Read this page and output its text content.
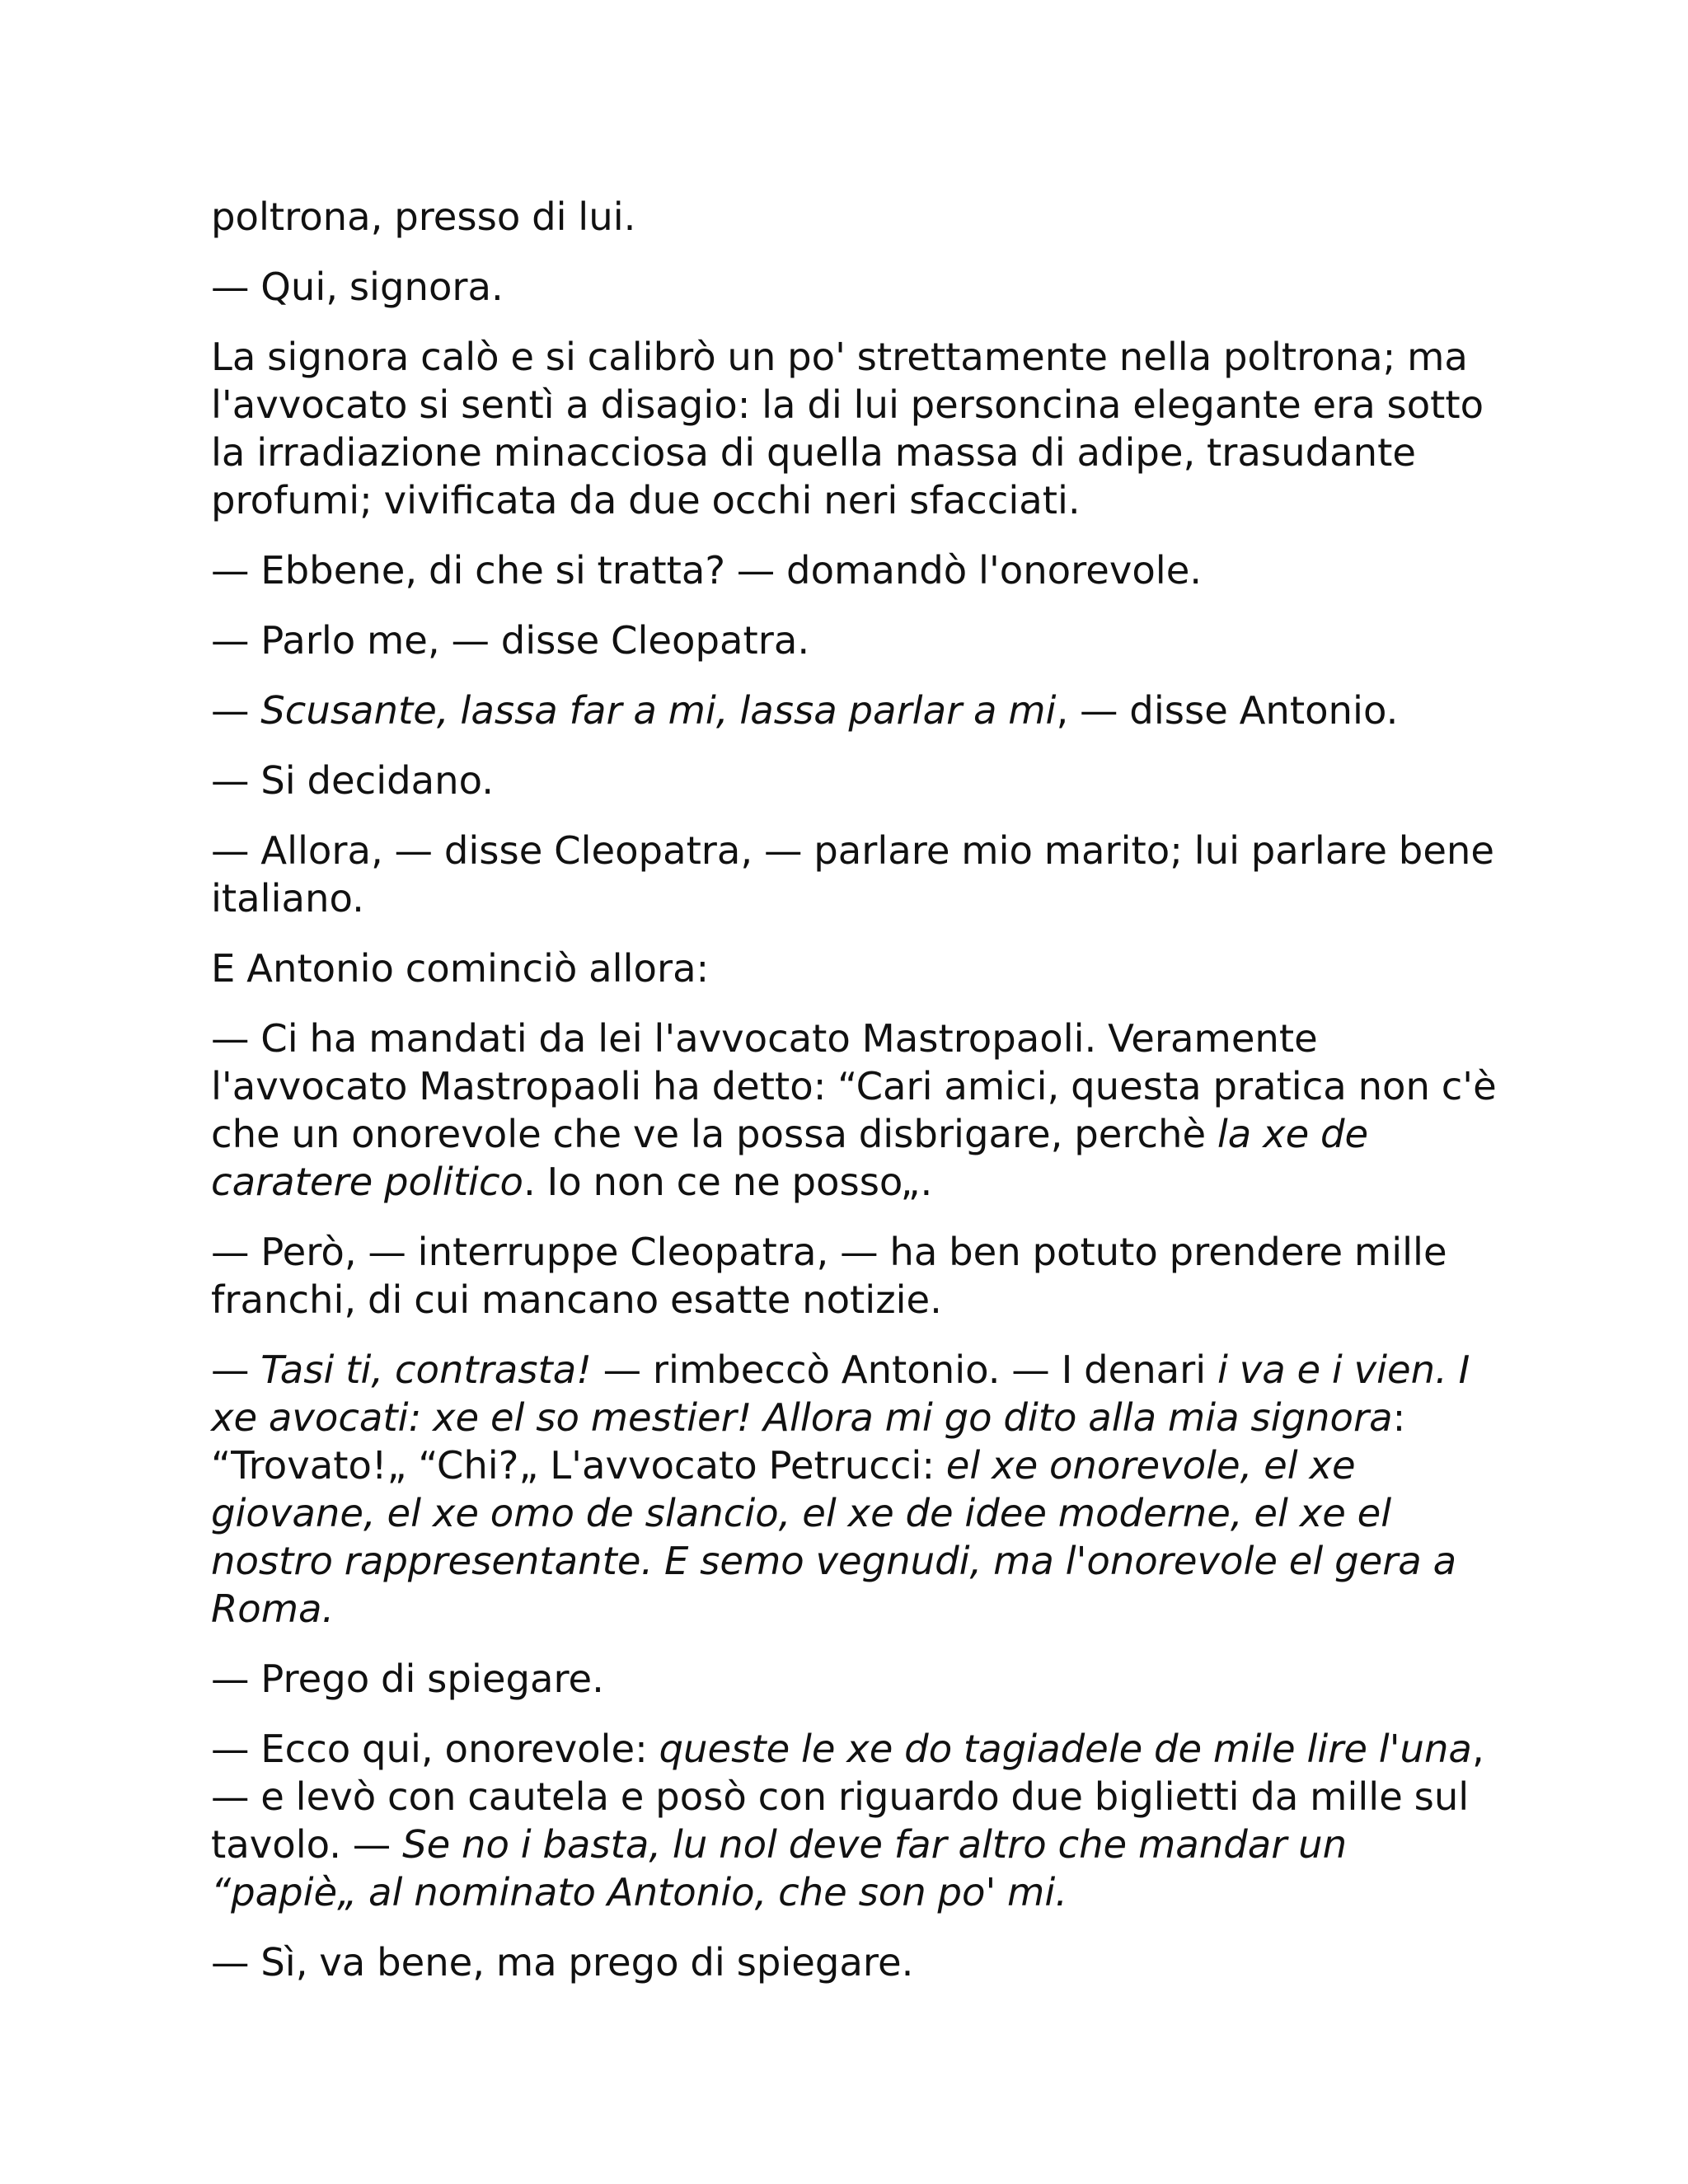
poltrona, presso di lui.

— Qui, signora.

La signora calò e si calibrò un po' strettamente nella poltrona; ma l'avvocato si sentì a disagio: la di lui personcina elegante era sotto la irradiazione minacciosa di quella massa di adipe, trasudante profumi; vivificata da due occhi neri sfacciati.

— Ebbene, di che si tratta? — domandò l'onorevole.

— Parlo me, — disse Cleopatra.

— Scusante, lassa far a mi, lassa parlar a mi, — disse Antonio.

— Si decidano.

— Allora, — disse Cleopatra, — parlare mio marito; lui parlare bene italiano.

E Antonio cominciò allora:

— Ci ha mandati da lei l'avvocato Mastropaoli. Veramente l'avvocato Mastropaoli ha detto: “Cari amici, questa pratica non c'è che un onorevole che ve la possa disbrigare, perchè la xe de caratere politico. Io non ce ne posso„.

— Però, — interruppe Cleopatra, — ha ben potuto prendere mille franchi, di cui mancano esatte notizie.

— Tasi ti, contrasta! — rimbeccò Antonio. — I denari i va e i vien. I xe avocati: xe el so mestier! Allora mi go dito alla mia signora: “Trovato!„ “Chi?„ L'avvocato Petrucci: el xe onorevole, el xe giovane, el xe omo de slancio, el xe de idee moderne, el xe el nostro rappresentante. E semo vegnudi, ma l'onorevole el gera a Roma.

— Prego di spiegare.

— Ecco qui, onorevole: queste le xe do tagiadele de mile lire l'una, — e levò con cautela e posò con riguardo due biglietti da mille sul tavolo. — Se no i basta, lu nol deve far altro che mandar un “papiè„ al nominato Antonio, che son po' mi.

— Sì, va bene, ma prego di spiegare.
